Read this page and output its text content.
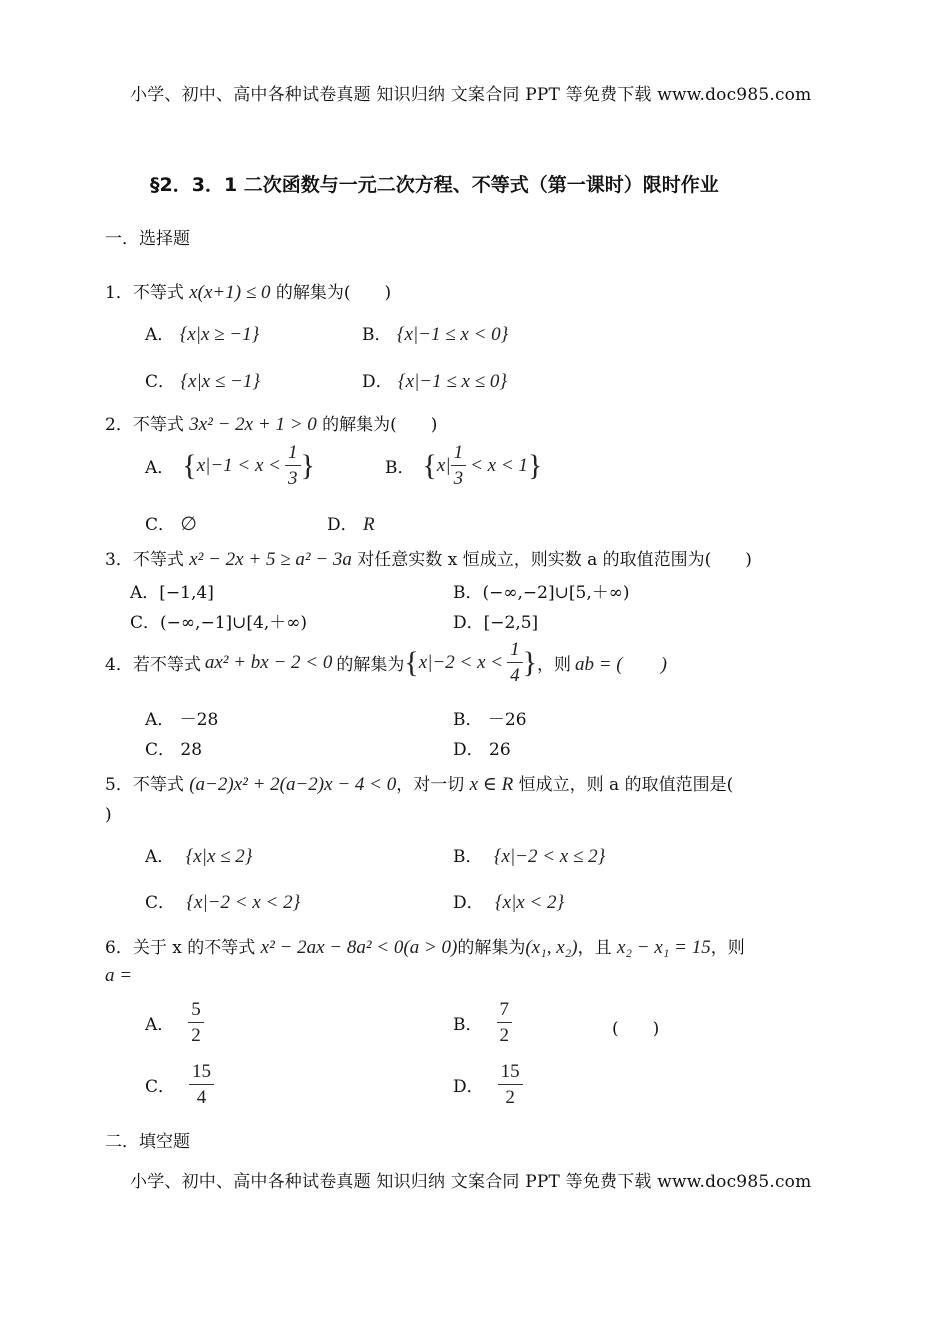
小学、初中、高中各种试卷真题 知识归纳 文案合同 PPT 等免费下载 www.doc985.com
§2．3．1 二次函数与一元二次方程、不等式（第一课时）限时作业
一．选择题
1．不等式 x(x+1) ≤ 0 的解集为(　　)
A． {x|x ≥ −1}	B． {x|−1 ≤ x < 0}
C． {x|x ≤ −1}	D． {x|−1 ≤ x ≤ 0}
2．不等式 3x² − 2x + 1 > 0 的解集为(　　)
A． { $x|-1 < x < \frac{1}{3}$ }	B． { $x| \frac{1}{3} < x < 1$ }
C． ∅	D． R
3．不等式 x² − 2x + 5 ≥ a² − 3a 对任意实数 x 恒成立，则实数 a 的取值范围为(　　)
A．[−1,4]	B．(−∞,−2]∪[5,＋∞)
C．(−∞,−1]∪[4,＋∞)	D．[−2,5]
4． 若不等式 ax² + bx − 2 < 0 的解集为 { $x|-2 < x < \frac{1}{4}$ } ，则 ab = (　　)
A． －28	B． －26
C． 28	D． 26
5．不等式 (a−2)x² + 2(a−2)x − 4 < 0，对一切 x ∈ R 恒成立，则 a 的取值范围是(
)
A． {x|x ≤ 2}	B． {x|−2 < x ≤ 2}
C． {x|−2 < x < 2}	D． {x|x < 2}
6．关于 x 的不等式 x² − 2ax − 8a² < 0(a > 0)的解集为(x₁, x₂)，且 x₂ − x₁ = 15，则
a =
A． $\frac{5}{2}$	B． $\frac{7}{2}$	(　　)
C． $\frac{15}{4}$	D． $\frac{15}{2}$
二．填空题
小学、初中、高中各种试卷真题 知识归纳 文案合同 PPT 等免费下载 www.doc985.com
